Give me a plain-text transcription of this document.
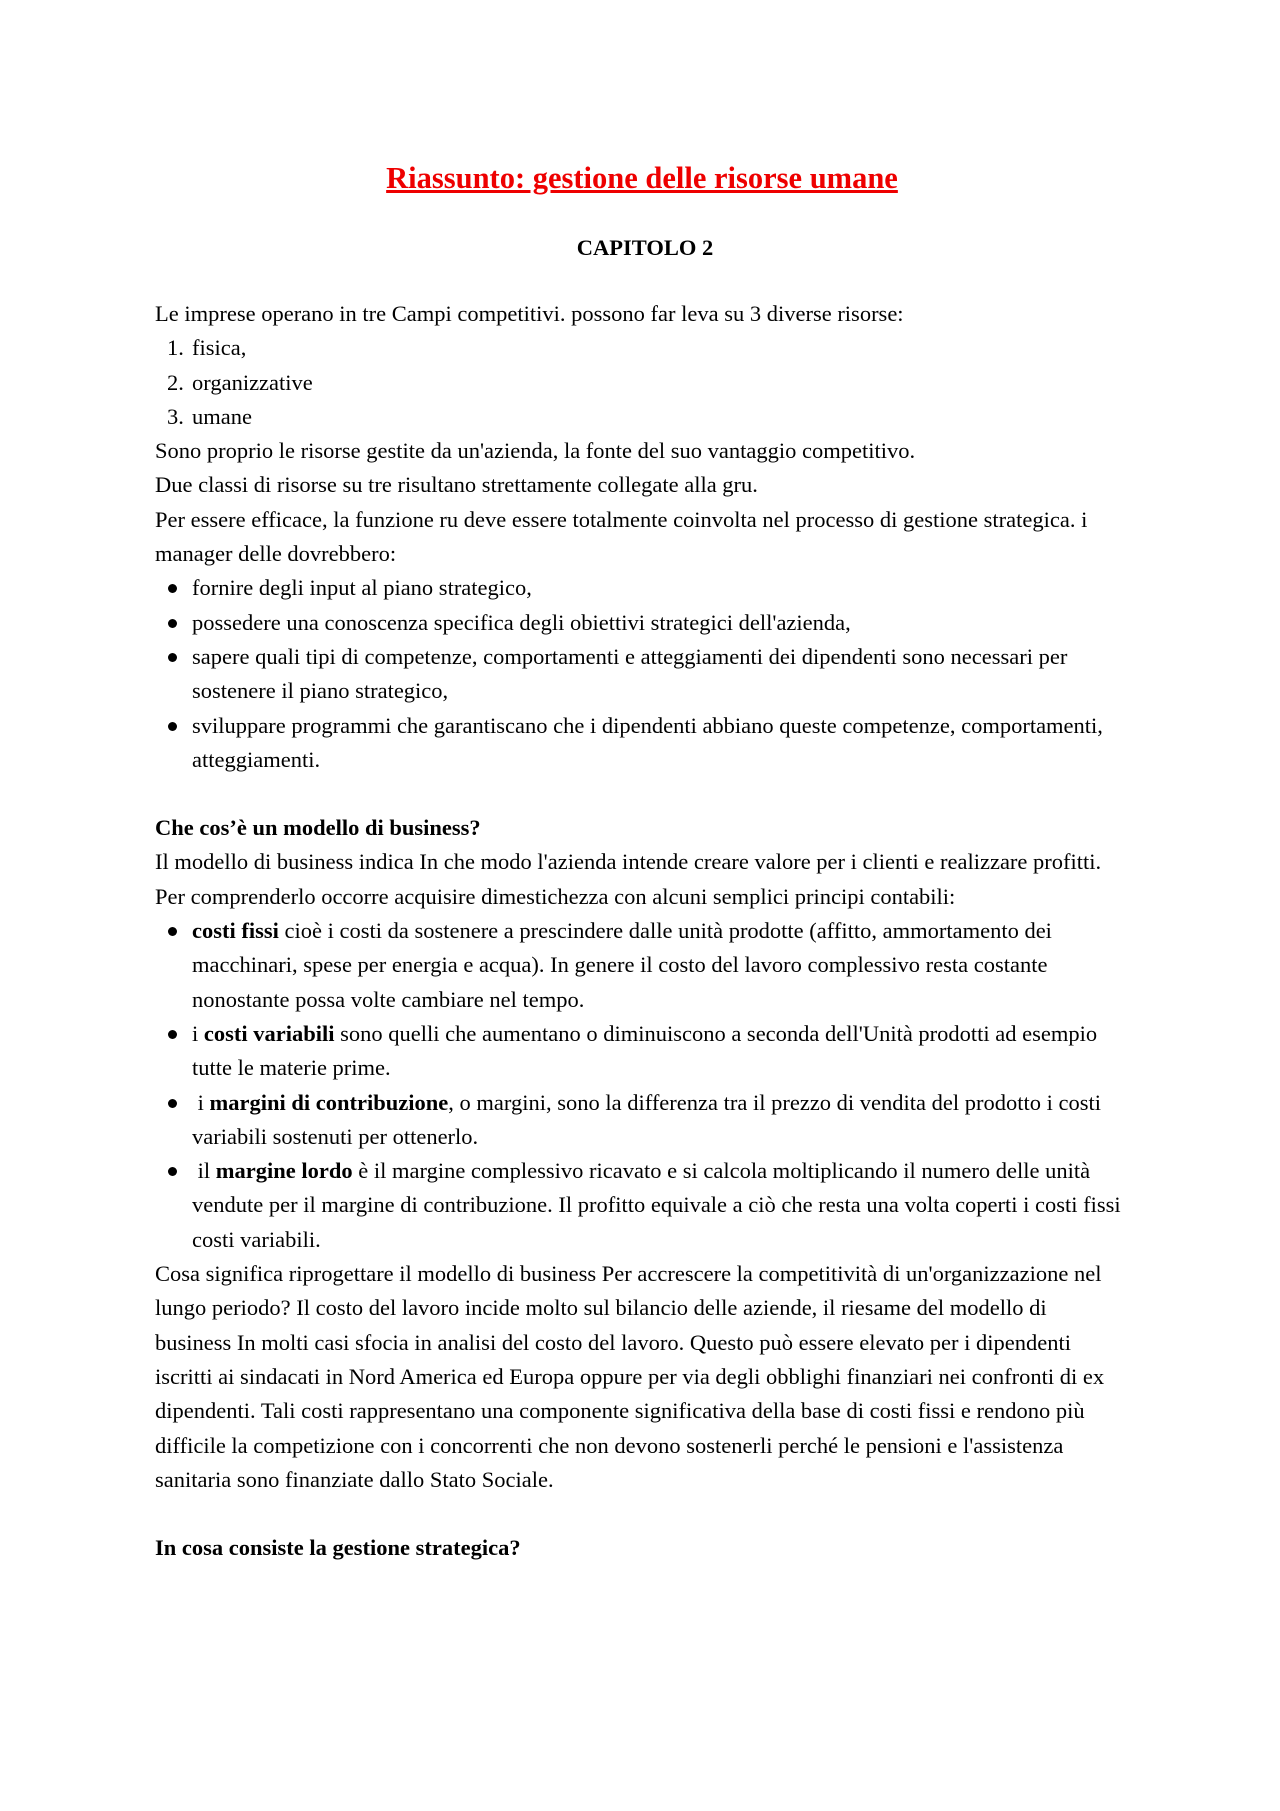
Riassunto: gestione delle risorse umane
CAPITOLO 2

Le imprese operano in tre Campi competitivi. possono far leva su 3 diverse risorse:

1. fisica,
2. organizzative
3. umane

Sono proprio le risorse gestite da un'azienda, la fonte del suo vantaggio competitivo.

Due classi di risorse su tre risultano strettamente collegate alla gru.

Per essere efficace, la funzione ru deve essere totalmente coinvolta nel processo di gestione strategica. i manager delle dovrebbero:

fornire degli input al piano strategico,
possedere una conoscenza specifica degli obiettivi strategici dell'azienda,
sapere quali tipi di competenze, comportamenti e atteggiamenti dei dipendenti sono necessari per sostenere il piano strategico,
sviluppare programmi che garantiscano che i dipendenti abbiano queste competenze, comportamenti, atteggiamenti.

Che cos’è un modello di business?

Il modello di business indica In che modo l'azienda intende creare valore per i clienti e realizzare profitti.

Per comprenderlo occorre acquisire dimestichezza con alcuni semplici principi contabili:

costi fissi cioè i costi da sostenere a prescindere dalle unità prodotte (affitto, ammortamento dei macchinari, spese per energia e acqua). In genere il costo del lavoro complessivo resta costante nonostante possa volte cambiare nel tempo.
i costi variabili sono quelli che aumentano o diminuiscono a seconda dell'Unità prodotti ad esempio tutte le materie prime.
i margini di contribuzione, o margini, sono la differenza tra il prezzo di vendita del prodotto i costi variabili sostenuti per ottenerlo.
il margine lordo è il margine complessivo ricavato e si calcola moltiplicando il numero delle unità vendute per il margine di contribuzione. Il profitto equivale a ciò che resta una volta coperti i costi fissi costi variabili.

Cosa significa riprogettare il modello di business Per accrescere la competitività di un'organizzazione nel lungo periodo? Il costo del lavoro incide molto sul bilancio delle aziende, il riesame del modello di business In molti casi sfocia in analisi del costo del lavoro. Questo può essere elevato per i dipendenti iscritti ai sindacati in Nord America ed Europa oppure per via degli obblighi finanziari nei confronti di ex dipendenti. Tali costi rappresentano una componente significativa della base di costi fissi e rendono più difficile la competizione con i concorrenti che non devono sostenerli perché le pensioni e l'assistenza sanitaria sono finanziate dallo Stato Sociale.

In cosa consiste la gestione strategica?
